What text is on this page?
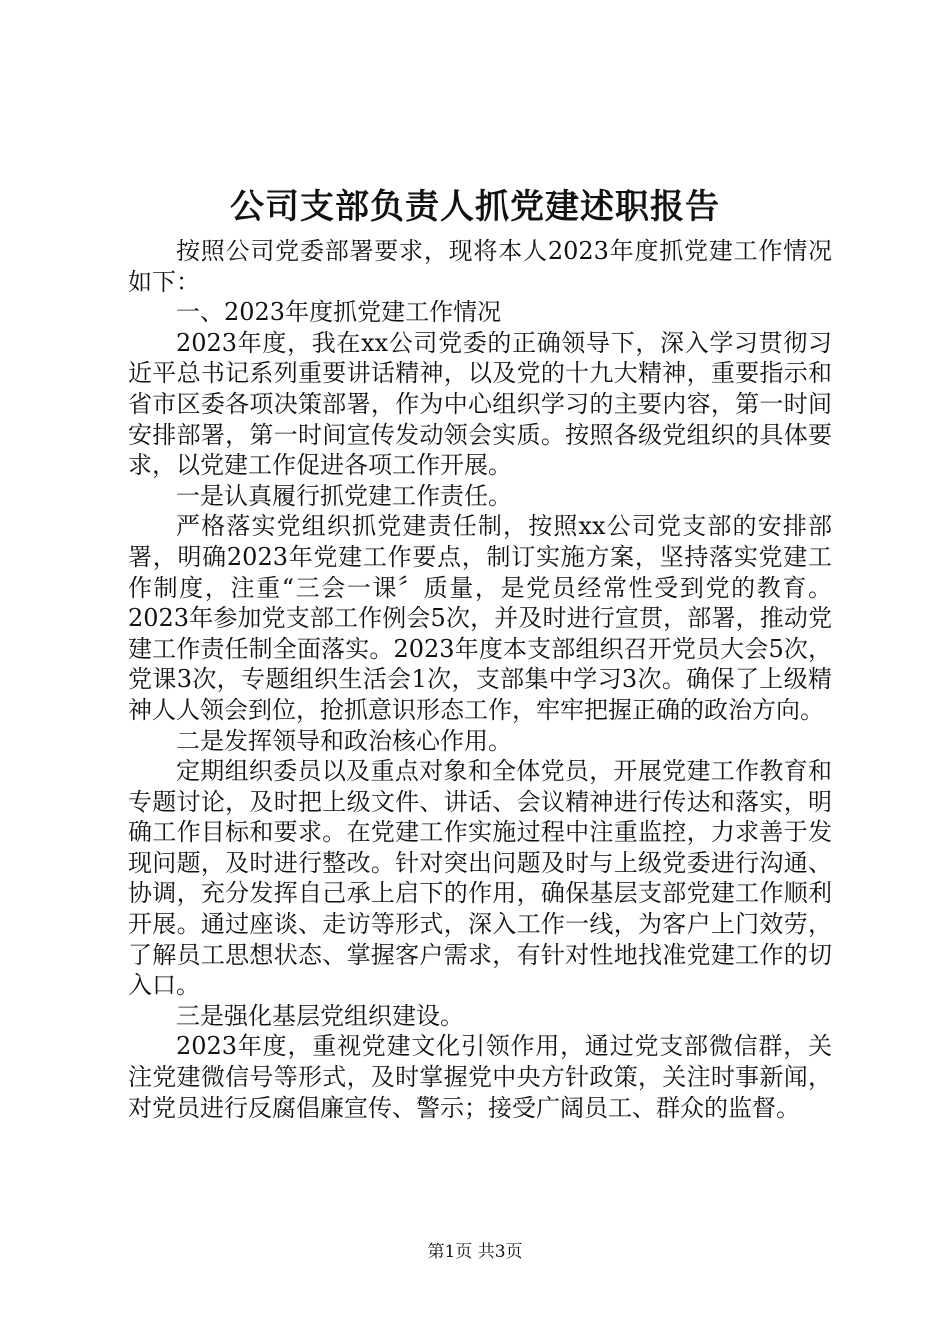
公司支部负责人抓党建述职报告

按照公司党委部署要求，现将本人2023年度抓党建工作情况如下：

一、2023年度抓党建工作情况

2023年度，我在xx公司党委的正确领导下，深入学习贯彻习近平总书记系列重要讲话精神，以及党的十九大精神，重要指示和省市区委各项决策部署，作为中心组织学习的主要内容，第一时间安排部署，第一时间宣传发动领会实质。按照各级党组织的具体要求，以党建工作促进各项工作开展。

一是认真履行抓党建工作责任。

严格落实党组织抓党建责任制，按照xx公司党支部的安排部署，明确2023年党建工作要点，制订实施方案，坚持落实党建工作制度，注重“三会一课〞质量，是党员经常性受到党的教育。2023年参加党支部工作例会5次，并及时进行宣贯，部署，推动党建工作责任制全面落实。2023年度本支部组织召开党员大会5次，党课3次，专题组织生活会1次，支部集中学习3次。确保了上级精神人人领会到位，抢抓意识形态工作，牢牢把握正确的政治方向。

二是发挥领导和政治核心作用。

定期组织委员以及重点对象和全体党员，开展党建工作教育和专题讨论，及时把上级文件、讲话、会议精神进行传达和落实，明确工作目标和要求。在党建工作实施过程中注重监控，力求善于发现问题，及时进行整改。针对突出问题及时与上级党委进行沟通、协调，充分发挥自己承上启下的作用，确保基层支部党建工作顺利开展。通过座谈、走访等形式，深入工作一线，为客户上门效劳，了解员工思想状态、掌握客户需求，有针对性地找准党建工作的切入口。

三是强化基层党组织建设。

2023年度，重视党建文化引领作用，通过党支部微信群，关注党建微信号等形式，及时掌握党中央方针政策，关注时事新闻，对党员进行反腐倡廉宣传、警示；接受广阔员工、群众的监督。

第1页 共3页
